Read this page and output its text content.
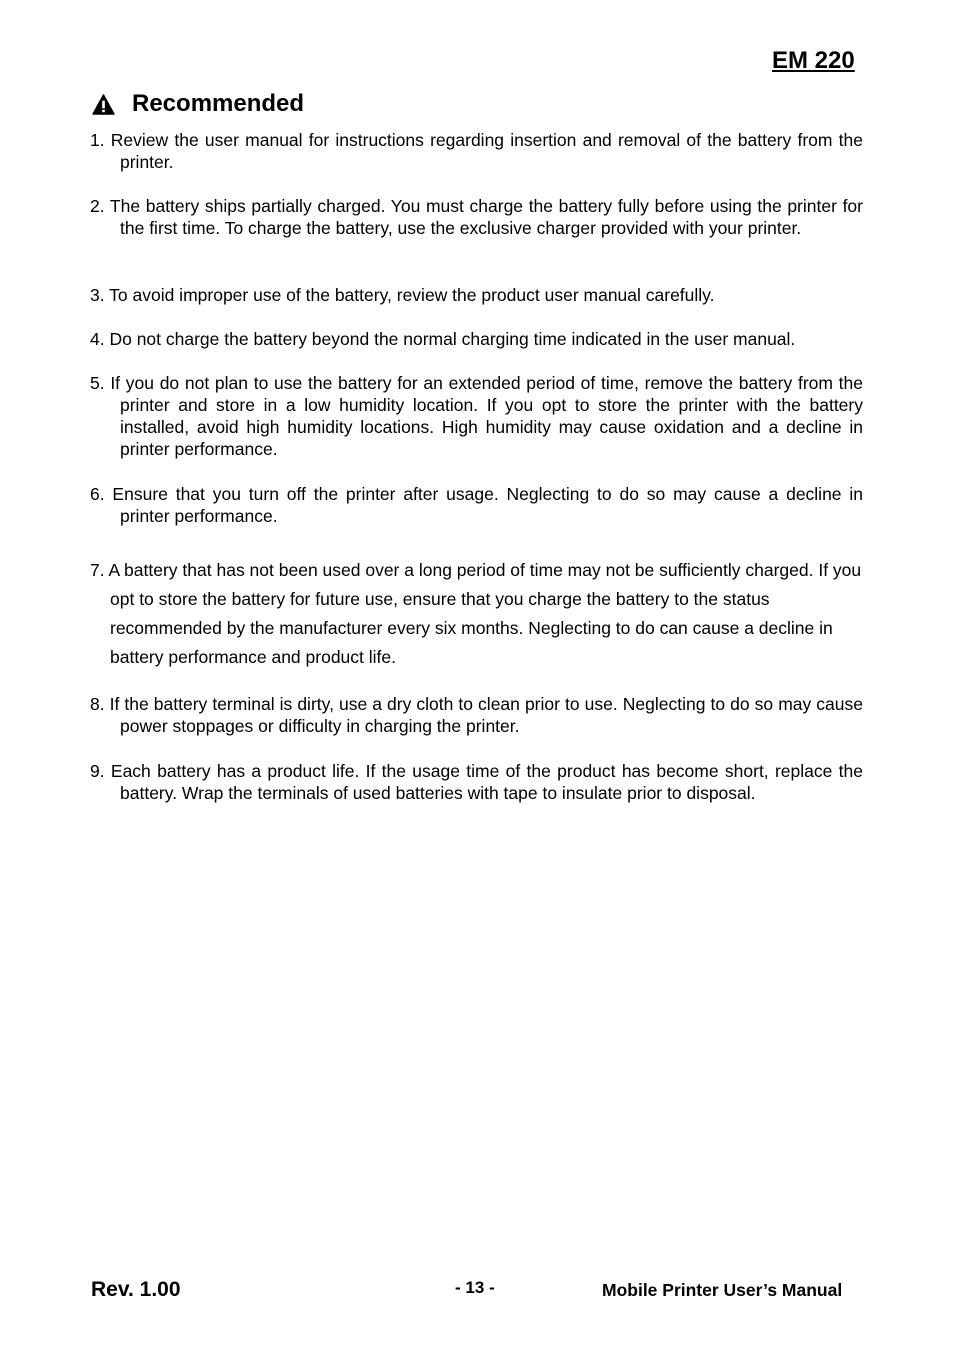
EM 220
Recommended
1. Review the user manual for instructions regarding insertion and removal of the battery from the printer.
2. The battery ships partially charged. You must charge the battery fully before using the printer for the first time. To charge the battery, use the exclusive charger provided with your printer.
3. To avoid improper use of the battery, review the product user manual carefully.
4. Do not charge the battery beyond the normal charging time indicated in the user manual.
5. If you do not plan to use the battery for an extended period of time, remove the battery from the printer and store in a low humidity location. If you opt to store the printer with the battery installed, avoid high humidity locations. High humidity may cause oxidation and a decline in printer performance.
6. Ensure that you turn off the printer after usage. Neglecting to do so may cause a decline in printer performance.
7. A battery that has not been used over a long period of time may not be sufficiently charged. If you opt to store the battery for future use, ensure that you charge the battery to the status recommended by the manufacturer every six months. Neglecting to do can cause a decline in battery performance and product life.
8. If the battery terminal is dirty, use a dry cloth to clean prior to use. Neglecting to do so may cause power stoppages or difficulty in charging the printer.
9. Each battery has a product life. If the usage time of the product has become short, replace the battery. Wrap the terminals of used batteries with tape to insulate prior to disposal.
Rev. 1.00	- 13 -	Mobile Printer User’s Manual
